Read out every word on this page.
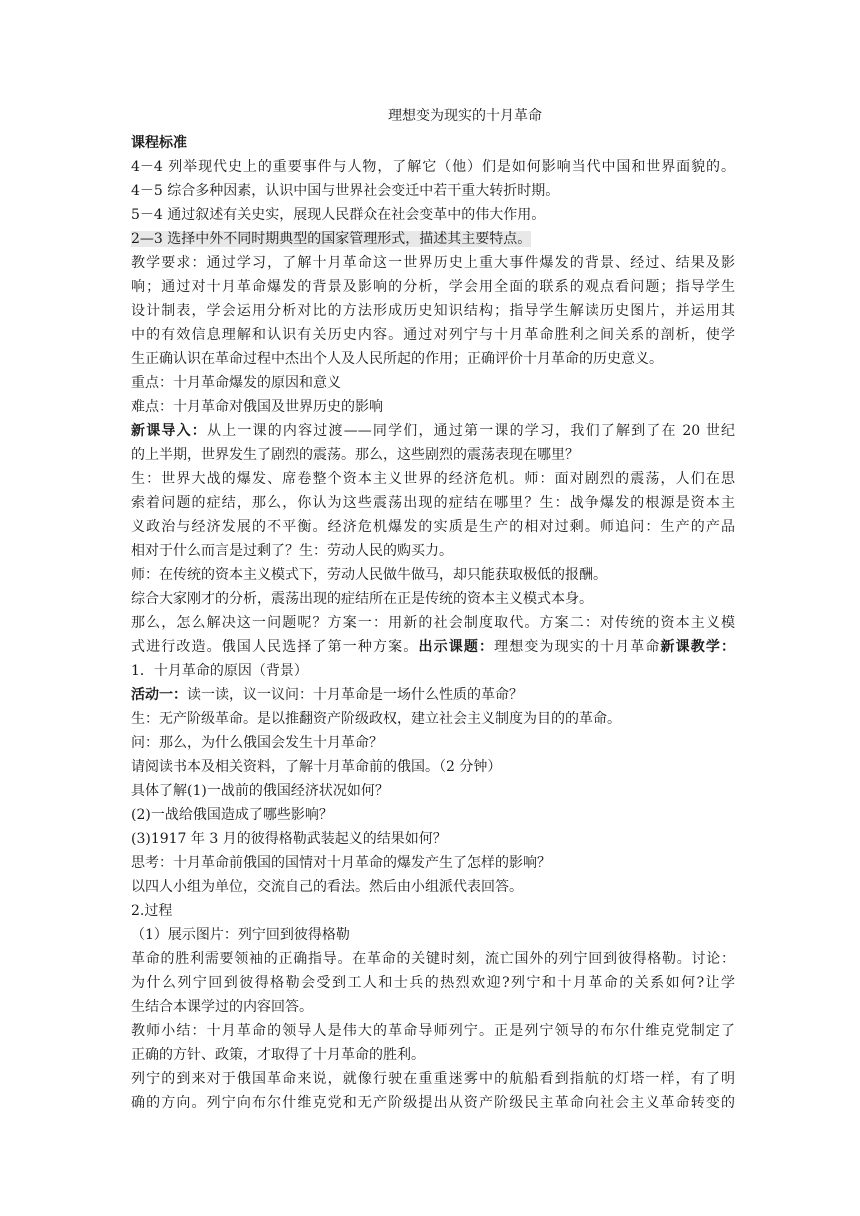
理想变为现实的十月革命
课程标准
4－4 列举现代史上的重要事件与人物，了解它（他）们是如何影响当代中国和世界面貌的。
4－5 综合多种因素，认识中国与世界社会变迁中若干重大转折时期。
5－4 通过叙述有关史实，展现人民群众在社会变革中的伟大作用。
2—3 选择中外不同时期典型的国家管理形式，描述其主要特点。
教学要求：通过学习，了解十月革命这一世界历史上重大事件爆发的背景、经过、结果及影
响；通过对十月革命爆发的背景及影响的分析，学会用全面的联系的观点看问题；指导学生
设计制表，学会运用分析对比的方法形成历史知识结构；指导学生解读历史图片，并运用其
中的有效信息理解和认识有关历史内容。通过对列宁与十月革命胜利之间关系的剖析，使学
生正确认识在革命过程中杰出个人及人民所起的作用；正确评价十月革命的历史意义。
重点：十月革命爆发的原因和意义
难点：十月革命对俄国及世界历史的影响
新课导入：从上一课的内容过渡——同学们，通过第一课的学习，我们了解到了在 20 世纪
的上半期，世界发生了剧烈的震荡。那么，这些剧烈的震荡表现在哪里？
生：世界大战的爆发、席卷整个资本主义世界的经济危机。师：面对剧烈的震荡，人们在思
索着问题的症结，那么，你认为这些震荡出现的症结在哪里？生：战争爆发的根源是资本主
义政治与经济发展的不平衡。经济危机爆发的实质是生产的相对过剩。师追问：生产的产品
相对于什么而言是过剩了？生：劳动人民的购买力。
师：在传统的资本主义模式下，劳动人民做牛做马，却只能获取极低的报酬。
综合大家刚才的分析，震荡出现的症结所在正是传统的资本主义模式本身。
那么，怎么解决这一问题呢？方案一：用新的社会制度取代。方案二：对传统的资本主义模
式进行改造。俄国人民选择了第一种方案。出示课题：理想变为现实的十月革命新课教学：
1．十月革命的原因（背景）
活动一：读一读，议一议问：十月革命是一场什么性质的革命？
生：无产阶级革命。是以推翻资产阶级政权，建立社会主义制度为目的的革命。
问：那么，为什么俄国会发生十月革命？
请阅读书本及相关资料，了解十月革命前的俄国。（2 分钟）
具体了解(1)一战前的俄国经济状况如何？
(2)一战给俄国造成了哪些影响？
(3)1917 年 3 月的彼得格勒武装起义的结果如何？
思考：十月革命前俄国的国情对十月革命的爆发产生了怎样的影响？
以四人小组为单位，交流自己的看法。然后由小组派代表回答。
2.过程
（1）展示图片：列宁回到彼得格勒
革命的胜利需要领袖的正确指导。在革命的关键时刻，流亡国外的列宁回到彼得格勒。讨论：
为什么列宁回到彼得格勒会受到工人和士兵的热烈欢迎?列宁和十月革命的关系如何?让学
生结合本课学过的内容回答。
教师小结：十月革命的领导人是伟大的革命导师列宁。正是列宁领导的布尔什维克党制定了
正确的方针、政策，才取得了十月革命的胜利。
列宁的到来对于俄国革命来说，就像行驶在重重迷雾中的航船看到指航的灯塔一样，有了明
确的方向。列宁向布尔什维克党和无产阶级提出从资产阶级民主革命向社会主义革命转变的
